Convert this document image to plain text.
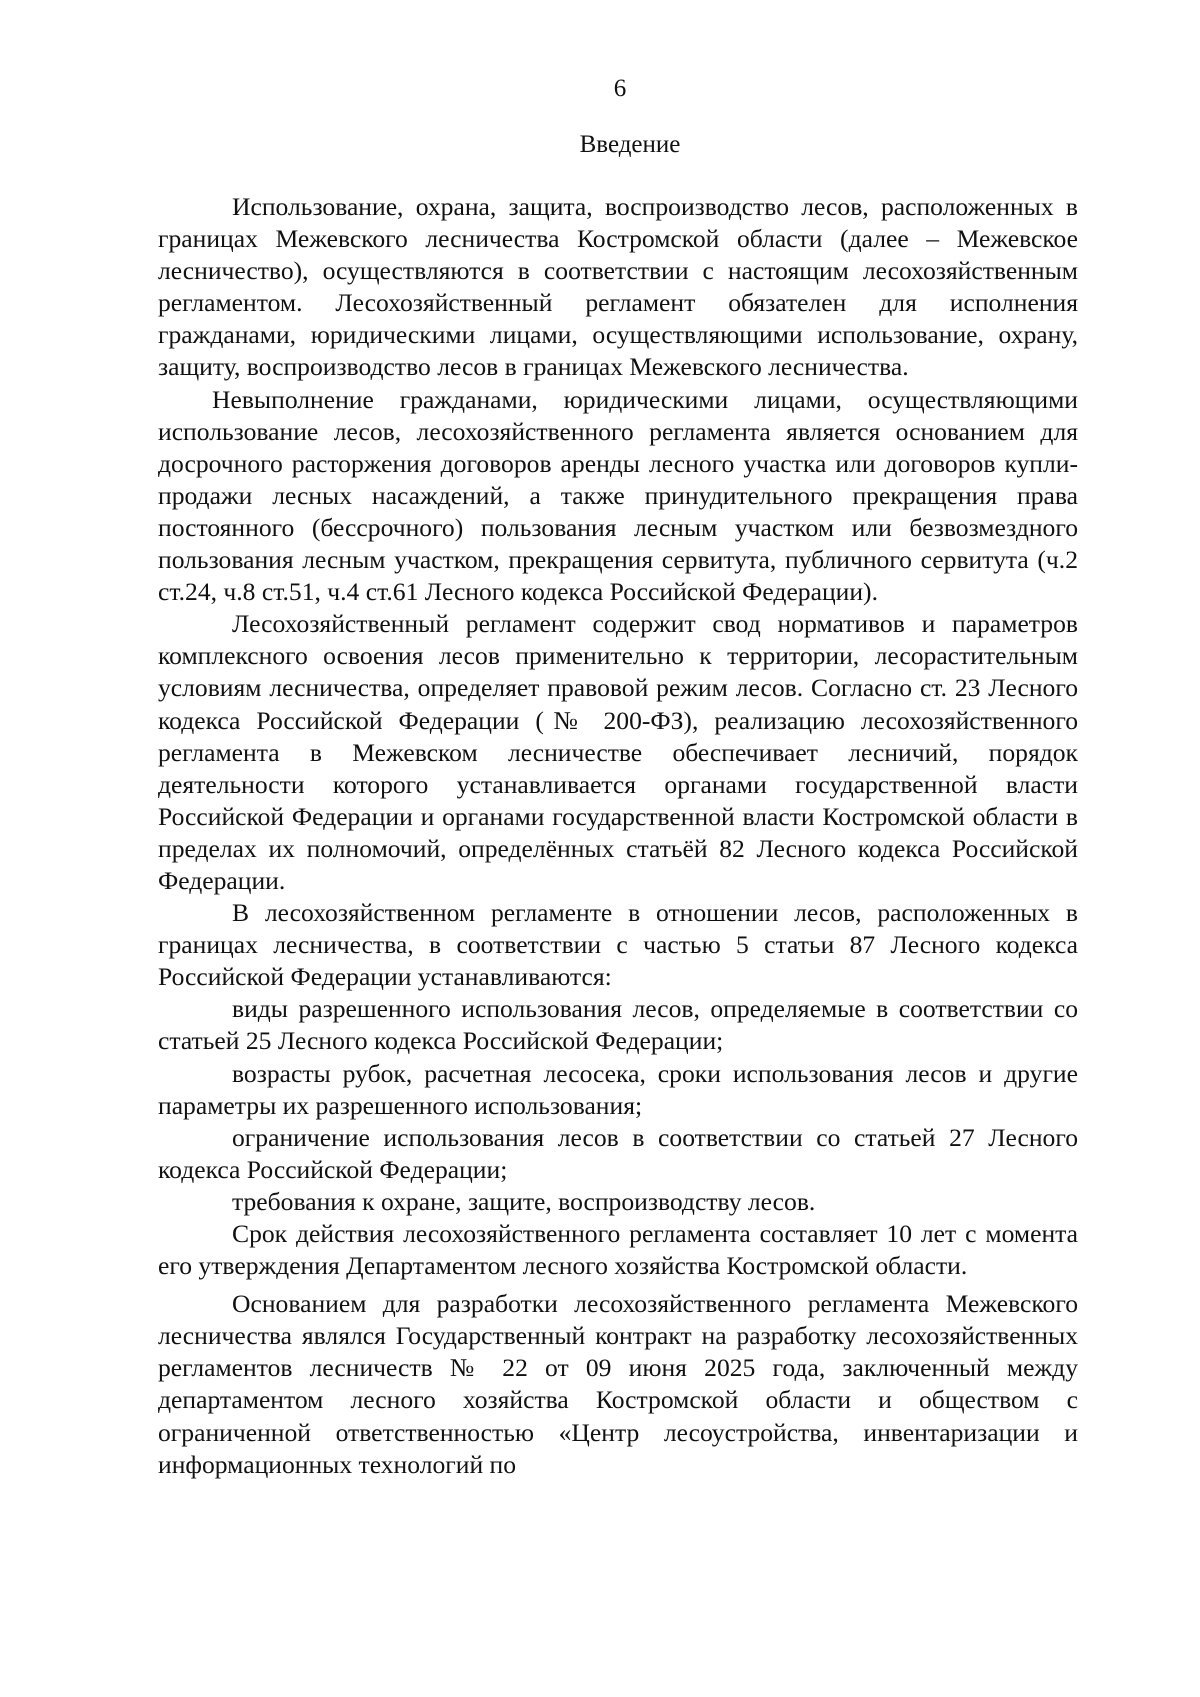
6
Введение

Использование, охрана, защита, воспроизводство лесов, расположенных в границах Межевского лесничества Костромской области (далее – Межевское лесничество), осуществляются в соответствии с настоящим лесохозяйственным регламентом. Лесохозяйственный регламент обязателен для исполнения гражданами, юридическими лицами, осуществляющими использование, охрану, защиту, воспроизводство лесов в границах Межевского лесничества.

Невыполнение гражданами, юридическими лицами, осуществляющими использование лесов, лесохозяйственного регламента является основанием для досрочного расторжения договоров аренды лесного участка или договоров купли-продажи лесных насаждений, а также принудительного прекращения права постоянного (бессрочного) пользования лесным участком или безвозмездного пользования лесным участком, прекращения сервитута, публичного сервитута (ч.2 ст.24, ч.8 ст.51, ч.4 ст.61 Лесного кодекса Российской Федерации).

Лесохозяйственный регламент содержит свод нормативов и параметров комплексного освоения лесов применительно к территории, лесорастительным условиям лесничества, определяет правовой режим лесов. Согласно ст. 23 Лесного кодекса Российской Федерации (№ 200-ФЗ), реализацию лесохозяйственного регламента в Межевском лесничестве обеспечивает лесничий, порядок деятельности которого устанавливается органами государственной власти Российской Федерации и органами государственной власти Костромской области в пределах их полномочий, определённых статьёй 82 Лесного кодекса Российской Федерации.

В лесохозяйственном регламенте в отношении лесов, расположенных в границах лесничества, в соответствии с частью 5 статьи 87 Лесного кодекса Российской Федерации устанавливаются:

виды разрешенного использования лесов, определяемые в соответствии со статьей 25 Лесного кодекса Российской Федерации;

возрасты рубок, расчетная лесосека, сроки использования лесов и другие параметры их разрешенного использования;

ограничение использования лесов в соответствии со статьей 27 Лесного кодекса Российской Федерации;

требования к охране, защите, воспроизводству лесов.

Срок действия лесохозяйственного регламента составляет 10 лет с момента его утверждения Департаментом лесного хозяйства Костромской области.

Основанием для разработки лесохозяйственного регламента Межевского лесничества являлся Государственный контракт на разработку лесохозяйственных регламентов лесничеств № 22 от 09 июня 2025 года, заключенный между департаментом лесного хозяйства Костромской области и обществом с ограниченной ответственностью «Центр лесоустройства, инвентаризации и информационных технологий по
